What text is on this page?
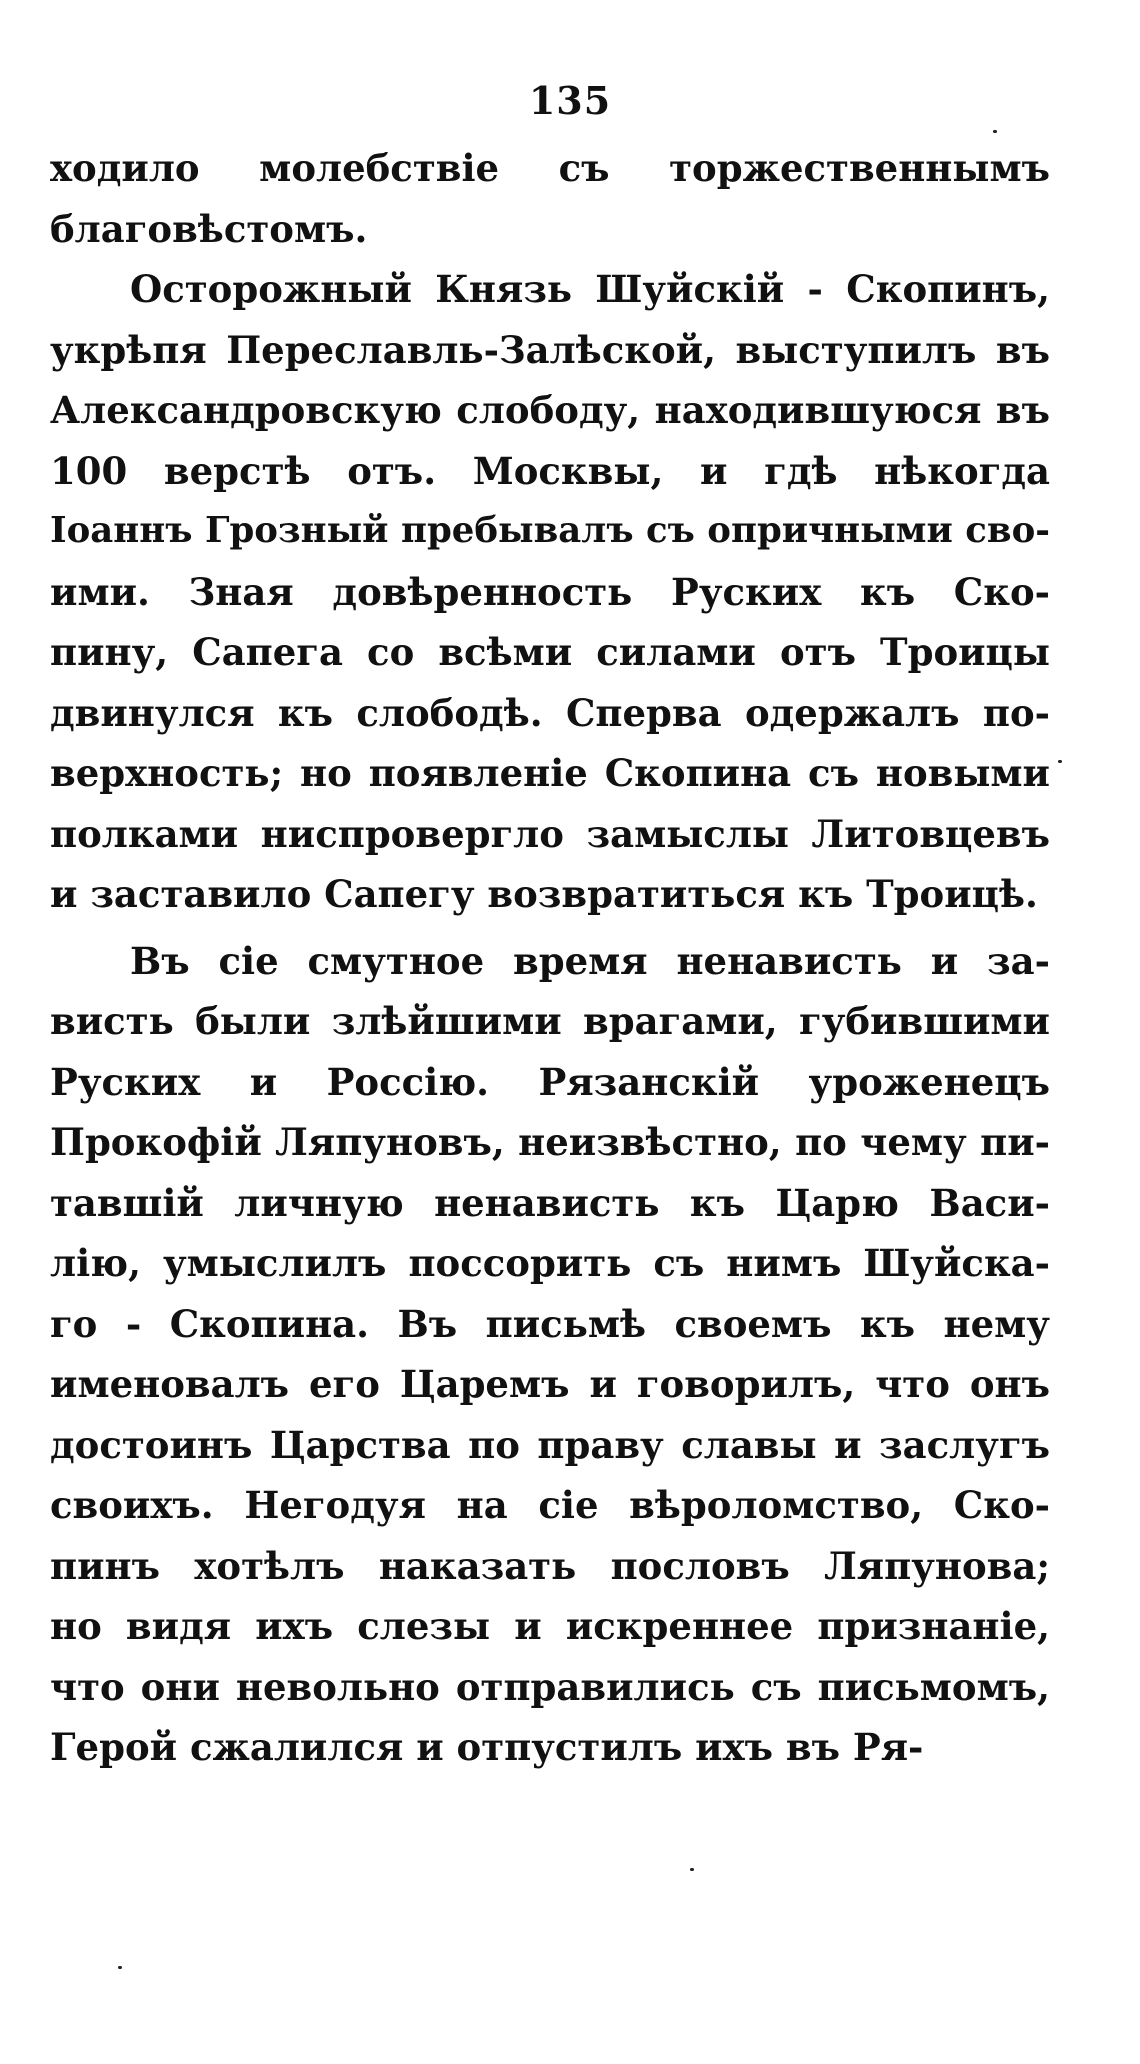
135
ходило молебствіе съ торжественнымъ
благовѣстомъ.
Осторожный Князь Шуйскій - Скопинъ,
укрѣпя Переславль-Залѣской, выступилъ въ
Александровскую слободу, находившуюся въ
100 верстѣ отъ. Москвы, и гдѣ нѣкогда
Іоаннъ Грозный пребывалъ съ опричными сво-
ими. Зная довѣренность Руских къ Ско-
пину, Сапега со всѣми силами отъ Троицы
двинулся къ слободѣ. Сперва одержалъ по-
верхность; но появленіе Скопина съ новыми
полками ниспровергло замыслы Литовцевъ
и заставило Сапегу возвратиться къ Троицѣ.
Въ сіе смутное время ненависть и за-
висть были злѣйшими врагами, губившими
Руских и Россію. Рязанскій уроженецъ
Прокофій Ляпуновъ, неизвѣстно, по чему пи-
тавшій личную ненависть къ Царю Васи-
лію, умыслилъ поссорить съ нимъ Шуйска-
го - Скопина. Въ письмѣ своемъ къ нему
именовалъ его Царемъ и говорилъ, что онъ
достоинъ Царства по праву славы и заслугъ
своихъ. Негодуя на сіе вѣроломство, Ско-
пинъ хотѣлъ наказать пословъ Ляпунова;
но видя ихъ слезы и искреннее признаніе,
что они невольно отправились съ письмомъ,
Герой сжалился и отпустилъ ихъ въ Ря-
